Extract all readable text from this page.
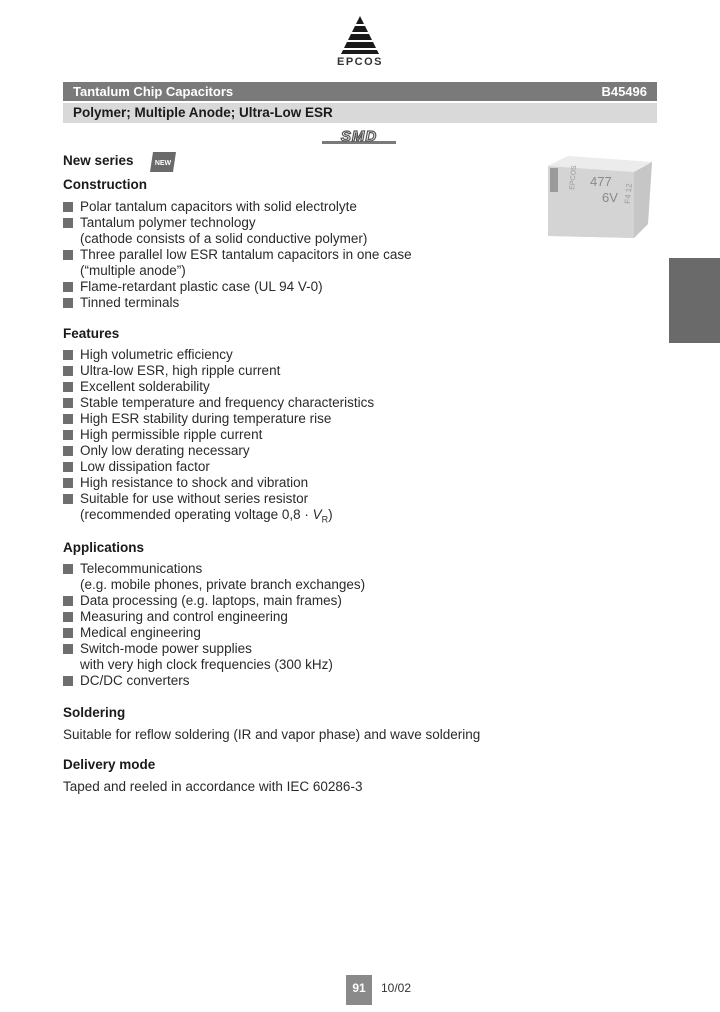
EPCOS
Tantalum Chip Capacitors	B45496
Polymer; Multiple Anode; Ultra-Low ESR
SMD
477
6V
EPCOS
F4 12
New series	NEW
Construction
Polar tantalum capacitors with solid electrolyte
Tantalum polymer technology
(cathode consists of a solid conductive polymer)
Three parallel low ESR tantalum capacitors in one case
(“multiple anode”)
Flame-retardant plastic case (UL 94 V-0)
Tinned terminals
Features
High volumetric efficiency
Ultra-low ESR, high ripple current
Excellent solderability
Stable temperature and frequency characteristics
High ESR stability during temperature rise
High permissible ripple current
Only low derating necessary
Low dissipation factor
High resistance to shock and vibration
Suitable for use without series resistor
(recommended operating voltage $0,8 \cdot V_R$)
Applications
Telecommunications
(e.g. mobile phones, private branch exchanges)
Data processing (e.g. laptops, main frames)
Measuring and control engineering
Medical engineering
Switch-mode power supplies
with very high clock frequencies (300 kHz)
DC/DC converters
Soldering
Suitable for reflow soldering (IR and vapor phase) and wave soldering
Delivery mode
Taped and reeled in accordance with IEC 60286-3
91	10/02
